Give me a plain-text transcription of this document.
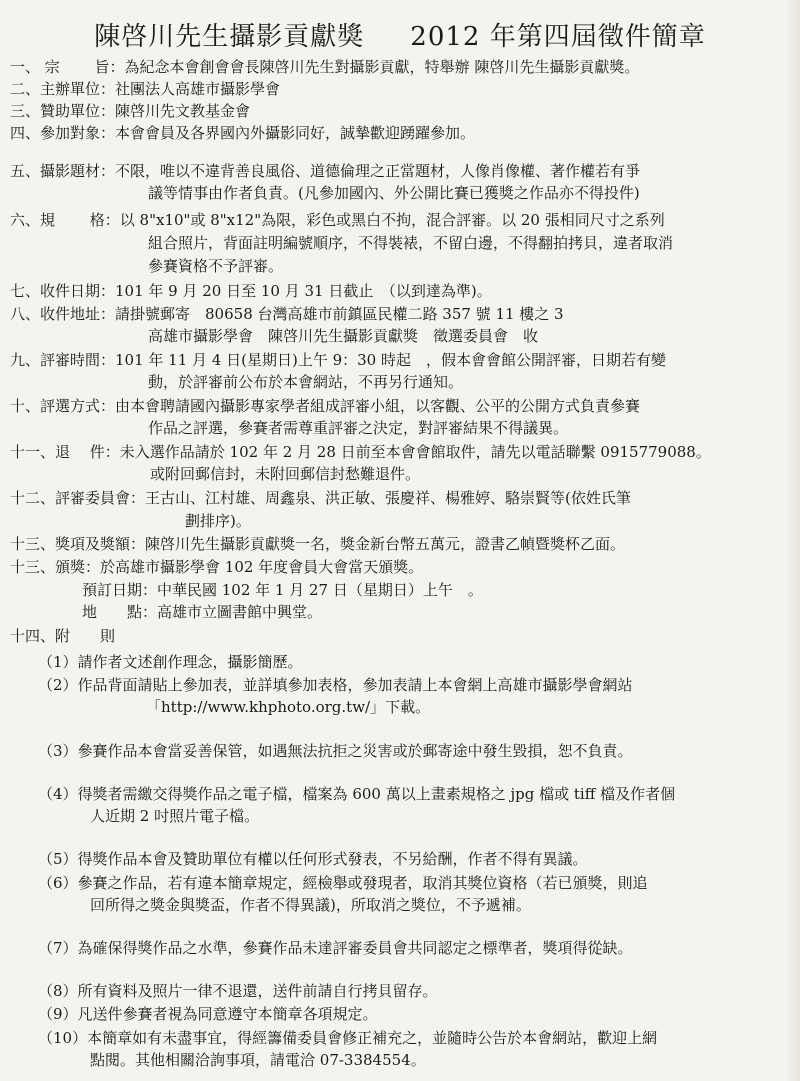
陳啓川先生攝影貢獻獎 2012 年第四屆徵件簡章
一、 宗　　 旨：為紀念本會創會會長陳啓川先生對攝影貢獻，特舉辦 陳啓川先生攝影貢獻獎。
二、主辦單位：社團法人高雄市攝影學會
三、贊助單位：陳啓川先文教基金會
四、參加對象：本會會員及各界國內外攝影同好，誠摯歡迎踴躍參加。
五、攝影題材：不限，唯以不違背善良風俗、道德倫理之正當題材，人像肖像權、著作權若有爭
議等情事由作者負責。(凡參加國內、外公開比賽已獲獎之作品亦不得投件)
六、規　　 格：以 8"x10"或 8"x12"為限，彩色或黑白不拘，混合評審。以 20 張相同尺寸之系列
組合照片，背面註明編號順序，不得裝裱，不留白邊，不得翻拍拷貝，違者取消
參賽資格不予評審。
七、收件日期：101 年 9 月 20 日至 10 月 31 日截止　（以到達為準)。
八、收件地址：請掛號郵寄　80658 台灣高雄市前鎮區民權二路 357 號 11 樓之 3
高雄市攝影學會　陳啓川先生攝影貢獻獎　徵選委員會　收
九、評審時間：101 年 11 月 4 日(星期日)上午 9：30 時起　，假本會會館公開評審，日期若有變
動，於評審前公布於本會網站，不再另行通知。
十、評選方式：由本會聘請國內攝影專家學者組成評審小組，以客觀、公平的公開方式負責參賽
作品之評選，參賽者需尊重評審之決定，對評審結果不得議異。
十一、退　 件：未入選作品請於 102 年 2 月 28 日前至本會會館取件，請先以電話聯繫 0915779088。
或附回郵信封，未附回郵信封愁難退件。
十二、評審委員會：王古山、江村雄、周鑫泉、洪正敏、張慶祥、楊雅婷、駱崇賢等(依姓氏筆
劃排序)。
十三、獎項及獎額：陳啓川先生攝影貢獻獎一名，獎金新台幣五萬元，證書乙幀暨獎杯乙面。
十三、頒獎：於高雄市攝影學會 102 年度會員大會當天頒獎。
預訂日期：中華民國 102 年 1 月 27 日（星期日）上午　。
地　　點：高雄市立圖書館中興堂。
十四、附　　則
（1）請作者文述創作理念，攝影簡歷。
（2）作品背面請貼上參加表，並詳填參加表格，參加表請上本會網上高雄市攝影學會網站
「http://www.khphoto.org.tw/」下載。
（3）參賽作品本會當妥善保管，如遇無法抗拒之災害或於郵寄途中發生毀損，恕不負責。
（4）得獎者需繳交得獎作品之電子檔，檔案為 600 萬以上畫素規格之 jpg 檔或 tiff 檔及作者個
人近期 2 吋照片電子檔。
（5）得獎作品本會及贊助單位有權以任何形式發表，不另給酬，作者不得有異議。
（6）參賽之作品，若有違本簡章規定，經檢舉或發現者，取消其獎位資格（若已頒獎，則追
回所得之獎金與獎盃，作者不得異議)，所取消之獎位，不予遞補。
（7）為確保得獎作品之水準，參賽作品未達評審委員會共同認定之標準者，獎項得從缺。
（8）所有資料及照片一律不退還，送件前請自行拷貝留存。
（9）凡送件參賽者視為同意遵守本簡章各項規定。
（10）本簡章如有未盡事宜，得經籌備委員會修正補充之，並隨時公告於本會網站，歡迎上網
點閱。其他相關洽詢事項，請電洽 07-3384554。
